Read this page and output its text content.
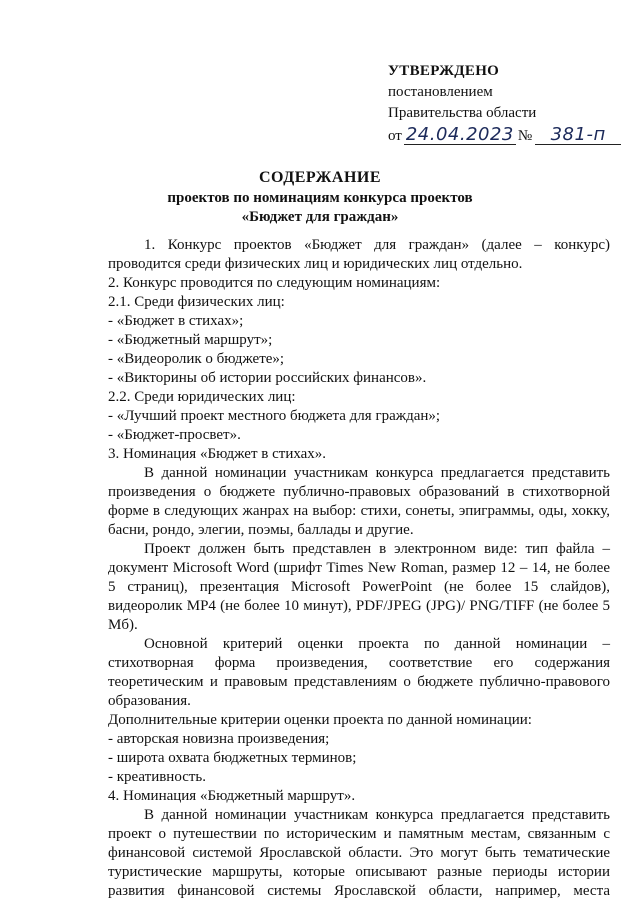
УТВЕРЖДЕНО
постановлением
Правительства области
от 24.04.2023 № 381-п
СОДЕРЖАНИЕ
проектов по номинациям конкурса проектов
«Бюджет для граждан»

1. Конкурс проектов «Бюджет для граждан» (далее – конкурс) проводится среди физических лиц и юридических лиц отдельно.

2. Конкурс проводится по следующим номинациям:

2.1. Среди физических лиц:

- «Бюджет в стихах»;

- «Бюджетный маршрут»;

- «Видеоролик о бюджете»;

- «Викторины об истории российских финансов».

2.2. Среди юридических лиц:

- «Лучший проект местного бюджета для граждан»;

- «Бюджет-просвет».

3. Номинация «Бюджет в стихах».

В данной номинации участникам конкурса предлагается представить произведения о бюджете публично-правовых образований в стихотворной форме в следующих жанрах на выбор: стихи, сонеты, эпиграммы, оды, хокку, басни, рондо, элегии, поэмы, баллады и другие.

Проект должен быть представлен в электронном виде: тип файла – документ Microsoft Word (шрифт Times New Roman, размер 12 – 14, не более 5 страниц), презентация Microsoft PowerPoint (не более 15 слайдов), видеоролик MP4 (не более 10 минут), PDF/JPEG (JPG)/ PNG/TIFF (не более 5 Мб).

Основной критерий оценки проекта по данной номинации – стихотворная форма произведения, соответствие его содержания теоретическим и правовым представлениям о бюджете публично-правового образования.

Дополнительные критерии оценки проекта по данной номинации:

- авторская новизна произведения;

- широта охвата бюджетных терминов;

- креативность.

4. Номинация «Бюджетный маршрут».

В данной номинации участникам конкурса предлагается представить проект о путешествии по историческим и памятным местам, связанным с финансовой системой Ярославской области. Это могут быть тематические туристические маршруты, которые описывают разные периоды истории развития финансовой системы Ярославской области, например, места
